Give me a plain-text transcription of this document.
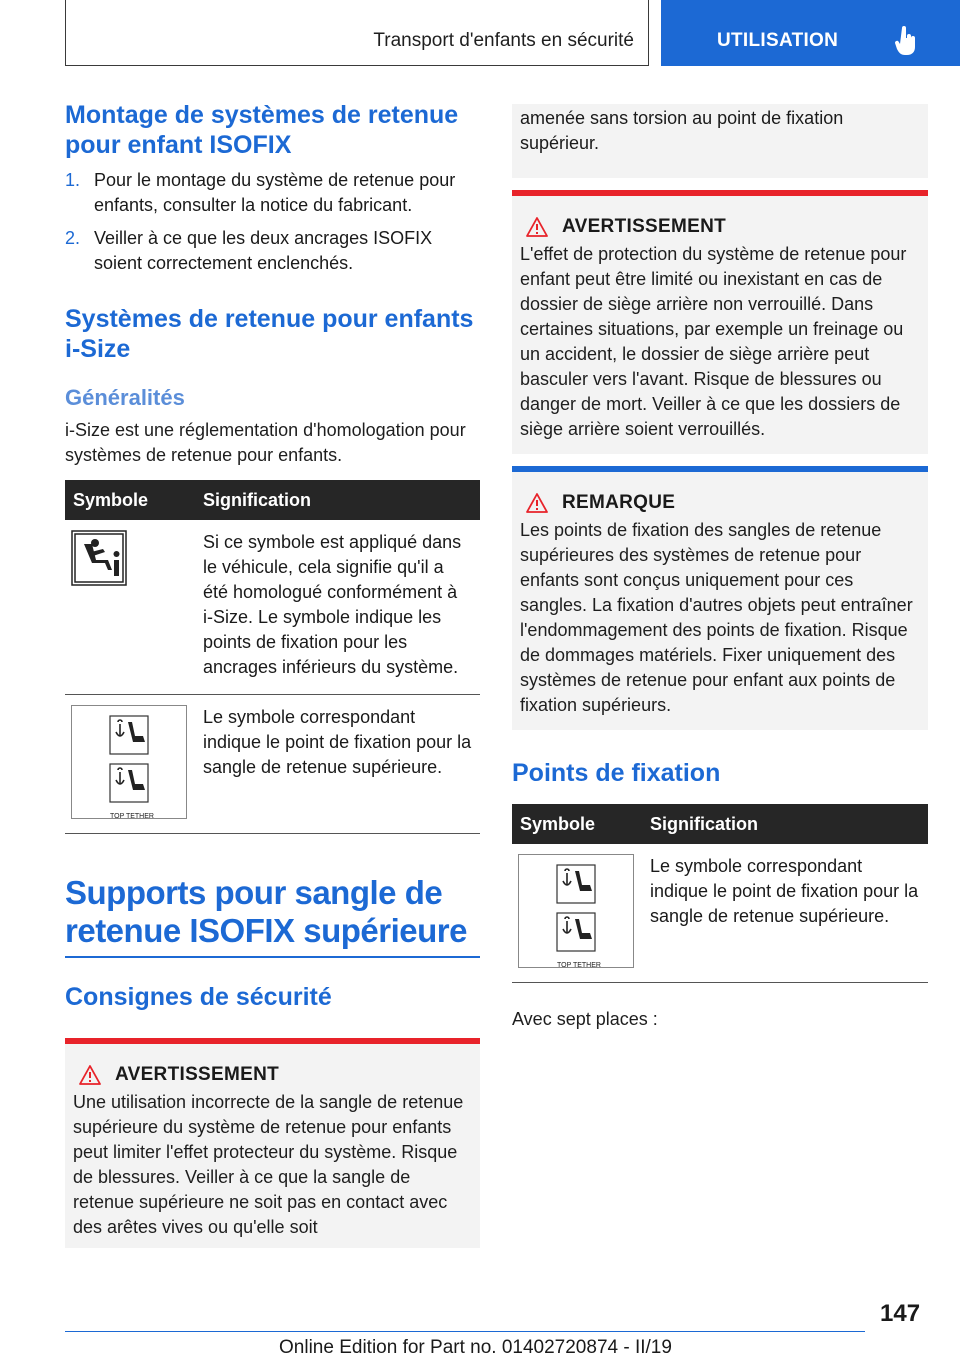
Transport d'enfants en sécurité	UTILISATION
Montage de systèmes de retenue pour enfant ISOFIX
1. Pour le montage du système de retenue pour enfants, consulter la notice du fabricant.
2. Veiller à ce que les deux ancrages ISOFIX soient correctement enclenchés.
Systèmes de retenue pour enfants i-Size
Généralités

i-Size est une réglementation d'homologation pour systèmes de retenue pour enfants.

Symbole	Signification
	Si ce symbole est appliqué dans le véhicule, cela signifie qu'il a été homologué conformément à i-Size. Le symbole indique les points de fixation pour les ancrages inférieurs du système.

TOP TETHER	Le symbole correspondant indique le point de fixation pour la sangle de retenue supérieure.
Supports pour sangle de retenue ISOFIX supérieure
Consignes de sécurité
AVERTISSEMENT

Une utilisation incorrecte de la sangle de retenue supérieure du système de retenue pour enfants peut limiter l'effet protecteur du système. Risque de blessures. Veiller à ce que la sangle de retenue supérieure ne soit pas en contact avec des arêtes vives ou qu'elle soit

amenée sans torsion au point de fixation supérieur.
AVERTISSEMENT

L'effet de protection du système de retenue pour enfant peut être limité ou inexistant en cas de dossier de siège arrière non verrouillé. Dans certaines situations, par exemple un freinage ou un accident, le dossier de siège arrière peut basculer vers l'avant. Risque de blessures ou danger de mort. Veiller à ce que les dossiers de siège arrière soient verrouillés.

REMARQUE

Les points de fixation des sangles de retenue supérieures des systèmes de retenue pour enfants sont conçus uniquement pour ces sangles. La fixation d'autres objets peut entraîner l'endommagement des points de fixation. Risque de dommages matériels. Fixer uniquement des systèmes de retenue pour enfant aux points de fixation supérieurs.

Points de fixation
Symbole	Signification

TOP TETHER	Le symbole correspondant indique le point de fixation pour la sangle de retenue supérieure.

Avec sept places :

147
Online Edition for Part no. 01402720874 - II/19
